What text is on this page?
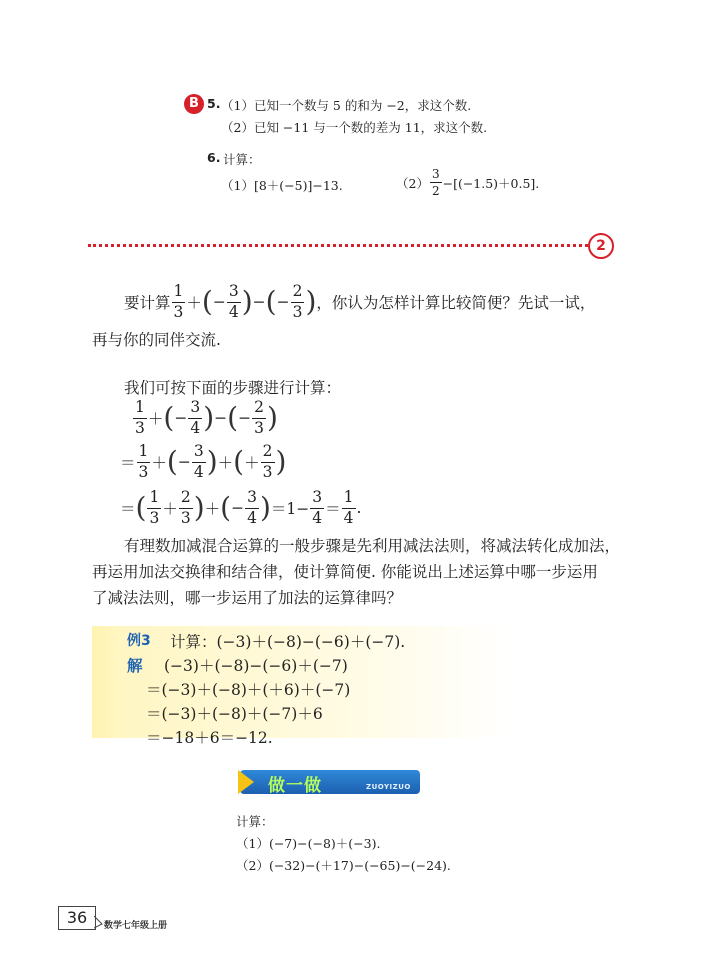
B 5. （1）已知一个数与 5 的和为 −2，求这个数.
（2）已知 −11 与一个数的差为 11，求这个数.
6. 计算：
（1）[8＋(−5)]−13.	$(2) \frac{3}{2} -[(-1.5)+0.5]$.
2
要计算 $\frac{1}{3}$ ＋ ( − $\frac{3}{4}$ ) − ( − $\frac{2}{3}$ ) ，你认为怎样计算比较简便？先试一试，
再与你的同伴交流.
我们可按下面的步骤进行计算：
$\frac{1}{3}$ ＋ ( − $\frac{3}{4}$ ) − ( − $\frac{2}{3}$ )
＝ $\frac{1}{3}$ ＋ ( − $\frac{3}{4}$ ) ＋ ( ＋ $\frac{2}{3}$ )
＝ ( $\frac{1}{3} + \frac{2}{3}$ ) ＋ ( − $\frac{3}{4}$ ) $=1- \frac{3}{4} = \frac{1}{4}$ .
有理数加减混合运算的一般步骤是先利用减法法则，将减法转化成加法，
再运用加法交换律和结合律，使计算简便. 你能说出上述运算中哪一步运用
了减法法则，哪一步运用了加法的运算律吗？
例3 计算：(−3)＋(−8)−(−6)＋(−7).
解 (−3)＋(−8)−(−6)＋(−7)
＝(−3)＋(−8)＋(＋6)＋(−7)
＝(−3)＋(−8)＋(−7)＋6
＝−18＋6＝−12.
做一做	ZUOYIZUO
计算：
（1）(−7)−(−8)＋(−3).
（2）(−32)−(＋17)−(−65)−(−24).
36	数学七年级上册
